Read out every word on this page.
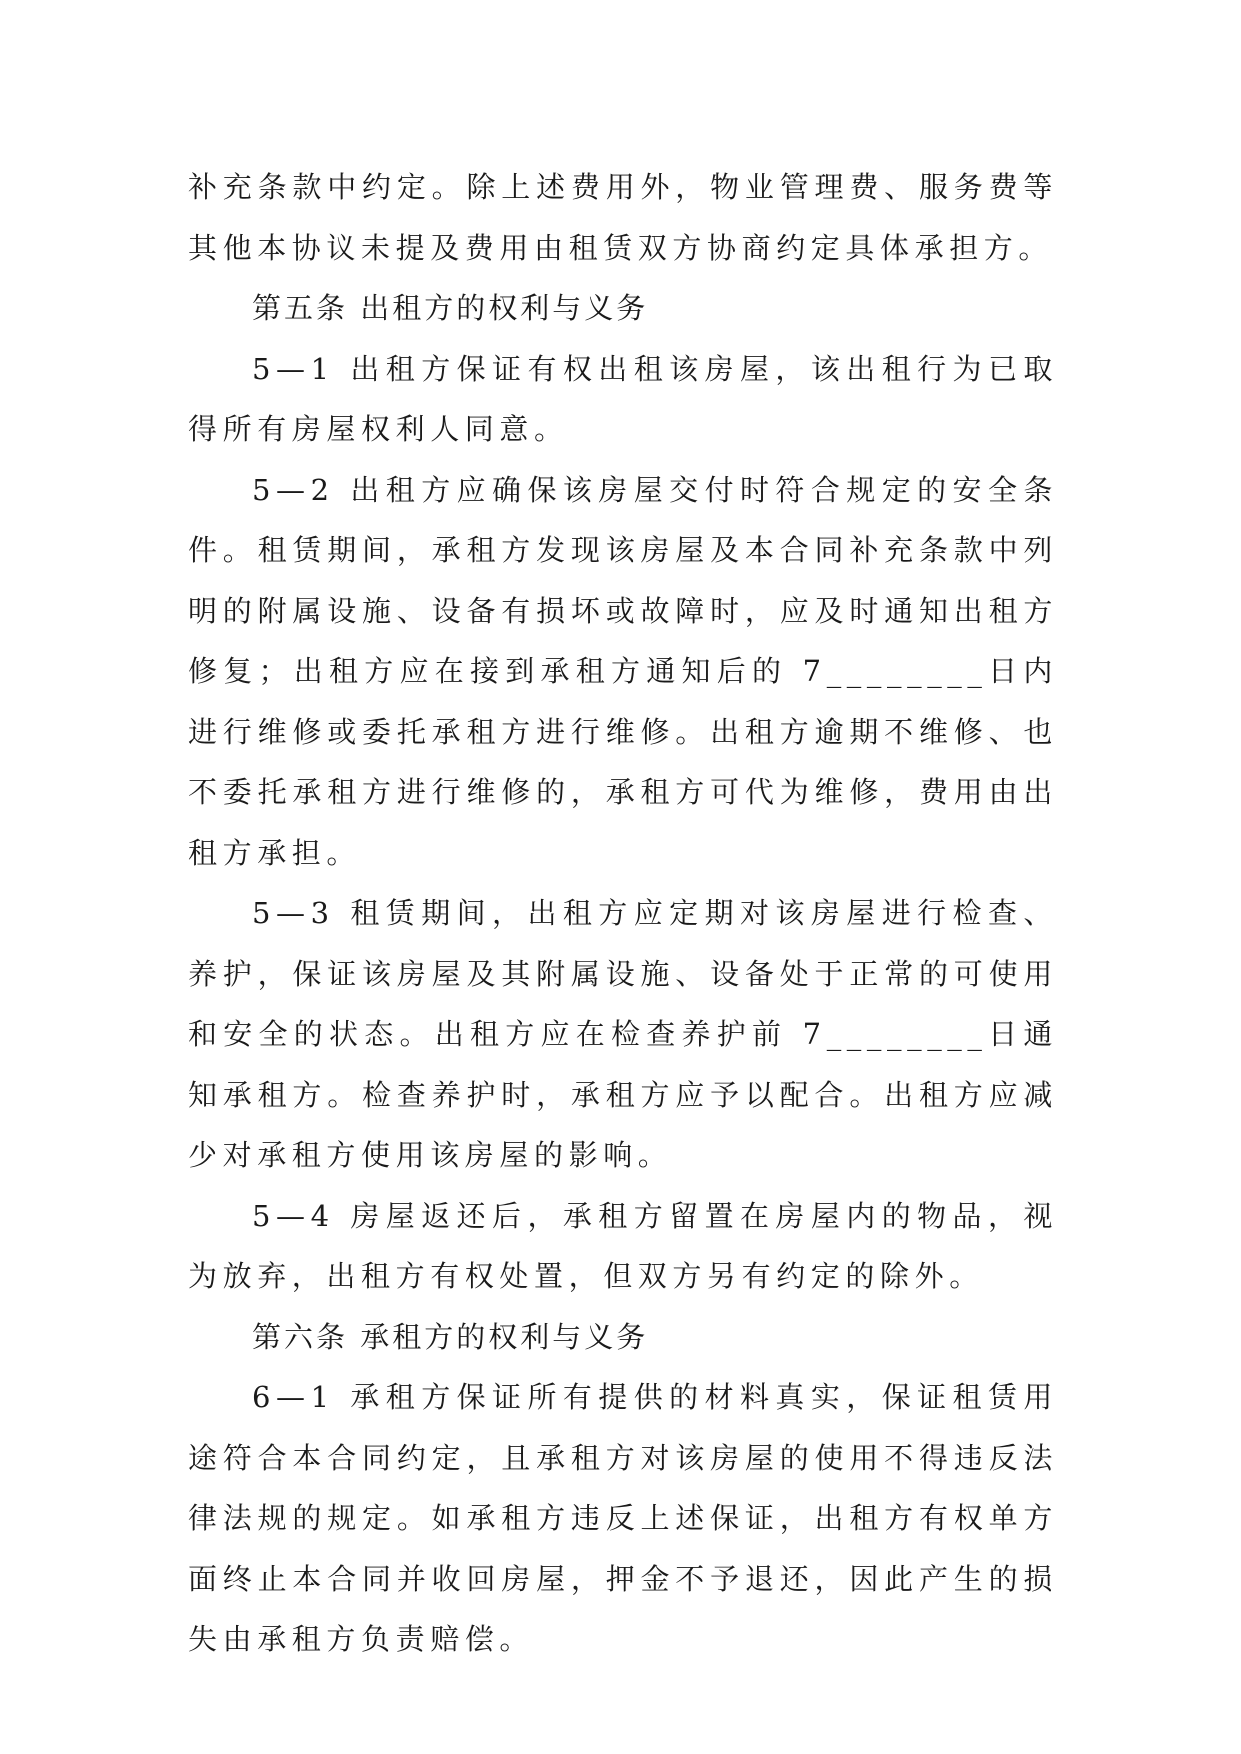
补充条款中约定。除上述费用外，物业管理费、服务费等其他本协议未提及费用由租赁双方协商约定具体承担方。

第五条 出租方的权利与义务

5—1 出租方保证有权出租该房屋，该出租行为已取得所有房屋权利人同意。

5—2 出租方应确保该房屋交付时符合规定的安全条件。租赁期间，承租方发现该房屋及本合同补充条款中列明的附属设施、设备有损坏或故障时，应及时通知出租方修复；出租方应在接到承租方通知后的 7________日内进行维修或委托承租方进行维修。出租方逾期不维修、也不委托承租方进行维修的，承租方可代为维修，费用由出租方承担。

5—3 租赁期间，出租方应定期对该房屋进行检查、养护，保证该房屋及其附属设施、设备处于正常的可使用和安全的状态。出租方应在检查养护前 7________日通知承租方。检查养护时，承租方应予以配合。出租方应减少对承租方使用该房屋的影响。

5—4 房屋返还后，承租方留置在房屋内的物品，视为放弃，出租方有权处置，但双方另有约定的除外。

第六条 承租方的权利与义务

6—1 承租方保证所有提供的材料真实，保证租赁用途符合本合同约定，且承租方对该房屋的使用不得违反法律法规的规定。如承租方违反上述保证，出租方有权单方面终止本合同并收回房屋，押金不予退还，因此产生的损失由承租方负责赔偿。
